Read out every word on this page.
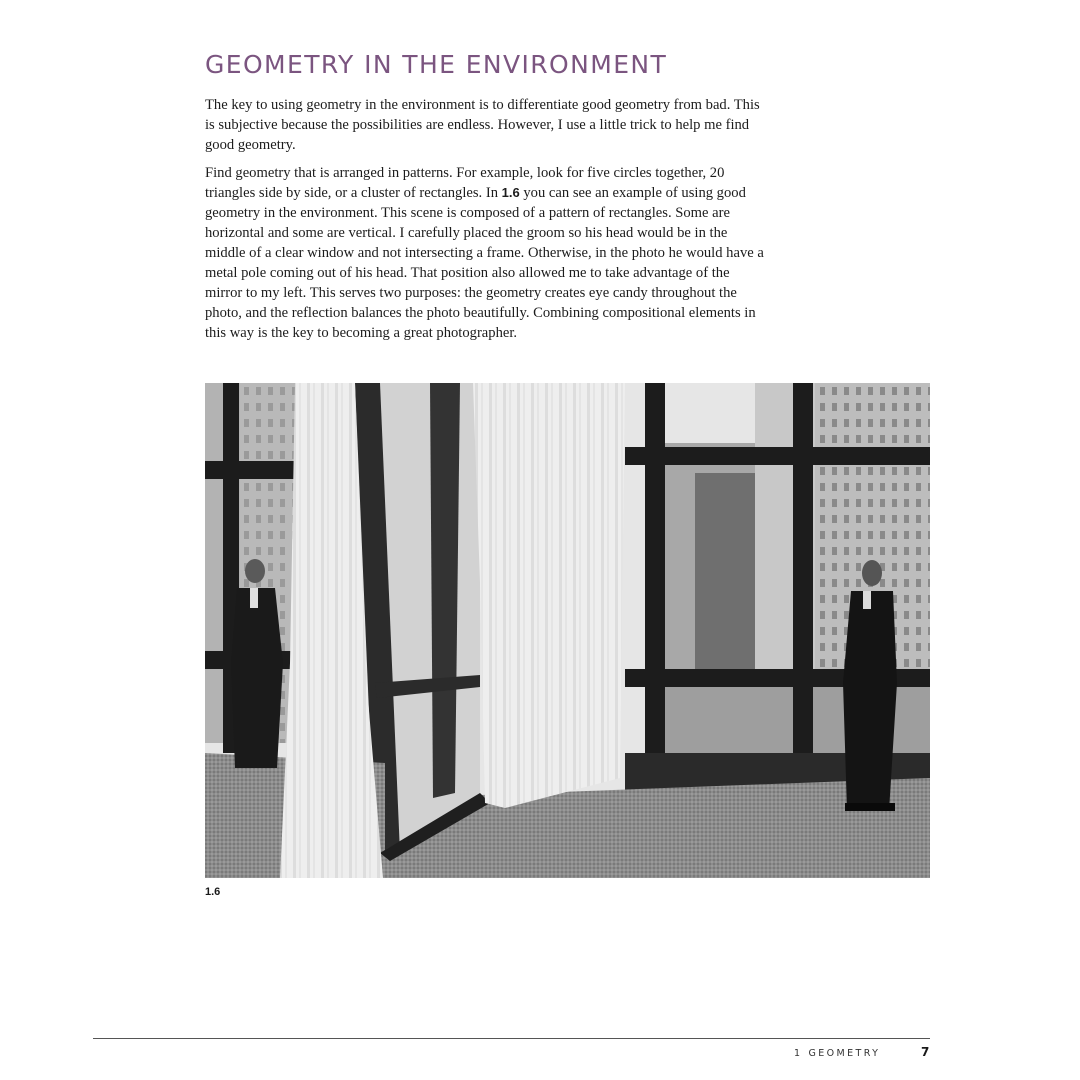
GEOMETRY IN THE ENVIRONMENT

The key to using geometry in the environment is to differentiate good geometry from bad. This is subjective because the possibilities are endless. However, I use a little trick to help me find good geometry.

Find geometry that is arranged in patterns. For example, look for five circles together, 20 triangles side by side, or a cluster of rectangles. In 1.6 you can see an example of using good geometry in the environment. This scene is composed of a pattern of rectangles. Some are horizontal and some are vertical. I carefully placed the groom so his head would be in the middle of a clear window and not intersecting a frame. Otherwise, in the photo he would have a metal pole coming out of his head. That position also allowed me to take advantage of the mirror to my left. This serves two purposes: the geometry creates eye candy throughout the photo, and the reflection balances the photo beautifully. Combining compositional elements in this way is the key to becoming a great photographer.

1.6
1 GEOMETRY	7
